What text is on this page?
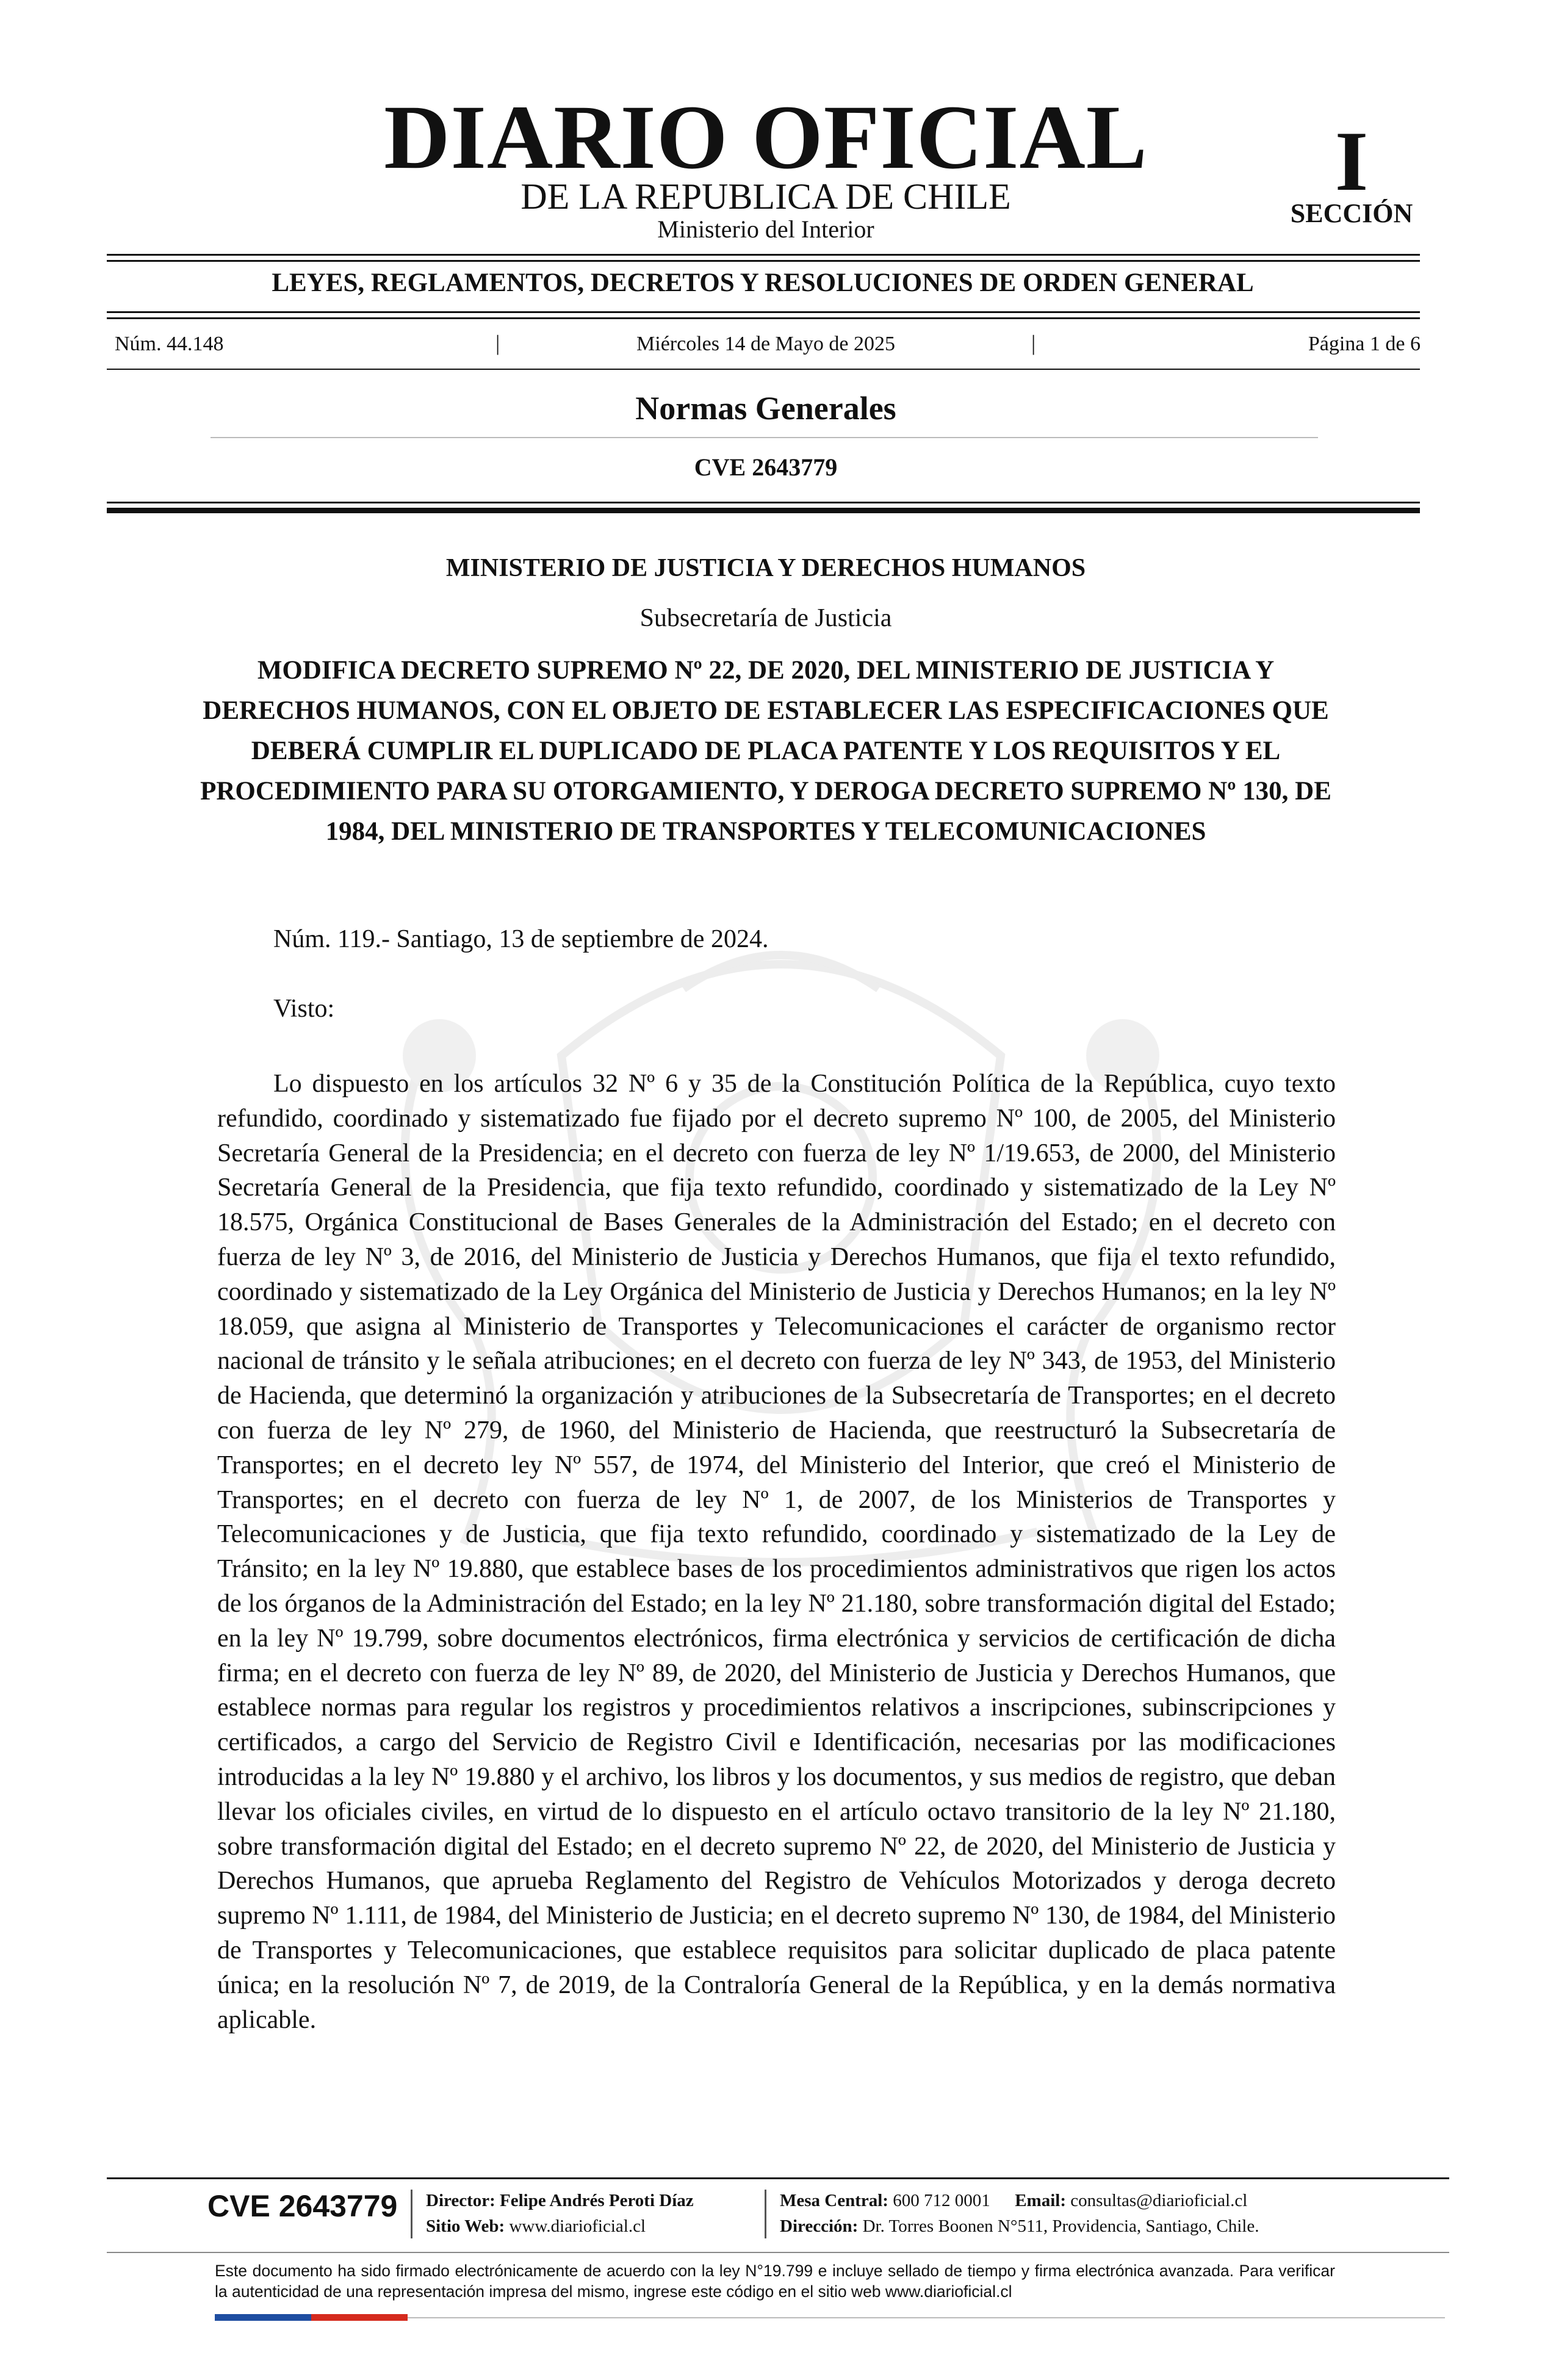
DIARIO OFICIAL
DE LA REPUBLICA DE CHILE
Ministerio del Interior
I
SECCIÓN
LEYES, REGLAMENTOS, DECRETOS Y RESOLUCIONES DE ORDEN GENERAL
Núm. 44.148	|	Miércoles 14 de Mayo de 2025	|	Página 1 de 6
Normas Generales
CVE 2643779
MINISTERIO DE JUSTICIA Y DERECHOS HUMANOS
Subsecretaría de Justicia
MODIFICA DECRETO SUPREMO Nº 22, DE 2020, DEL MINISTERIO DE JUSTICIA Y DERECHOS HUMANOS, CON EL OBJETO DE ESTABLECER LAS ESPECIFICACIONES QUE DEBERÁ CUMPLIR EL DUPLICADO DE PLACA PATENTE Y LOS REQUISITOS Y EL PROCEDIMIENTO PARA SU OTORGAMIENTO, Y DEROGA DECRETO SUPREMO Nº 130, DE 1984, DEL MINISTERIO DE TRANSPORTES Y TELECOMUNICACIONES
Núm. 119.- Santiago, 13 de septiembre de 2024.
Visto:
Lo dispuesto en los artículos 32 Nº 6 y 35 de la Constitución Política de la República, cuyo texto refundido, coordinado y sistematizado fue fijado por el decreto supremo Nº 100, de 2005, del Ministerio Secretaría General de la Presidencia; en el decreto con fuerza de ley Nº 1/19.653, de 2000, del Ministerio Secretaría General de la Presidencia, que fija texto refundido, coordinado y sistematizado de la Ley Nº 18.575, Orgánica Constitucional de Bases Generales de la Administración del Estado; en el decreto con fuerza de ley Nº 3, de 2016, del Ministerio de Justicia y Derechos Humanos, que fija el texto refundido, coordinado y sistematizado de la Ley Orgánica del Ministerio de Justicia y Derechos Humanos; en la ley Nº 18.059, que asigna al Ministerio de Transportes y Telecomunicaciones el carácter de organismo rector nacional de tránsito y le señala atribuciones; en el decreto con fuerza de ley Nº 343, de 1953, del Ministerio de Hacienda, que determinó la organización y atribuciones de la Subsecretaría de Transportes; en el decreto con fuerza de ley Nº 279, de 1960, del Ministerio de Hacienda, que reestructuró la Subsecretaría de Transportes; en el decreto ley Nº 557, de 1974, del Ministerio del Interior, que creó el Ministerio de Transportes; en el decreto con fuerza de ley Nº 1, de 2007, de los Ministerios de Transportes y Telecomunicaciones y de Justicia, que fija texto refundido, coordinado y sistematizado de la Ley de Tránsito; en la ley Nº 19.880, que establece bases de los procedimientos administrativos que rigen los actos de los órganos de la Administración del Estado; en la ley Nº 21.180, sobre transformación digital del Estado; en la ley Nº 19.799, sobre documentos electrónicos, firma electrónica y servicios de certificación de dicha firma; en el decreto con fuerza de ley Nº 89, de 2020, del Ministerio de Justicia y Derechos Humanos, que establece normas para regular los registros y procedimientos relativos a inscripciones, subinscripciones y certificados, a cargo del Servicio de Registro Civil e Identificación, necesarias por las modificaciones introducidas a la ley Nº 19.880 y el archivo, los libros y los documentos, y sus medios de registro, que deban llevar los oficiales civiles, en virtud de lo dispuesto en el artículo octavo transitorio de la ley Nº 21.180, sobre transformación digital del Estado; en el decreto supremo Nº 22, de 2020, del Ministerio de Justicia y Derechos Humanos, que aprueba Reglamento del Registro de Vehículos Motorizados y deroga decreto supremo Nº 1.111, de 1984, del Ministerio de Justicia; en el decreto supremo Nº 130, de 1984, del Ministerio de Transportes y Telecomunicaciones, que establece requisitos para solicitar duplicado de placa patente única; en la resolución Nº 7, de 2019, de la Contraloría General de la República, y en la demás normativa aplicable.
CVE 2643779 Director: Felipe Andrés Peroti Díaz
Sitio Web: www.diarioficial.cl
Mesa Central: 600 712 0001 Email: consultas@diarioficial.cl
Dirección: Dr. Torres Boonen N°511, Providencia, Santiago, Chile.
Este documento ha sido firmado electrónicamente de acuerdo con la ley N°19.799 e incluye sellado de tiempo y firma electrónica avanzada. Para verificar la autenticidad de una representación impresa del mismo, ingrese este código en el sitio web www.diarioficial.cl
